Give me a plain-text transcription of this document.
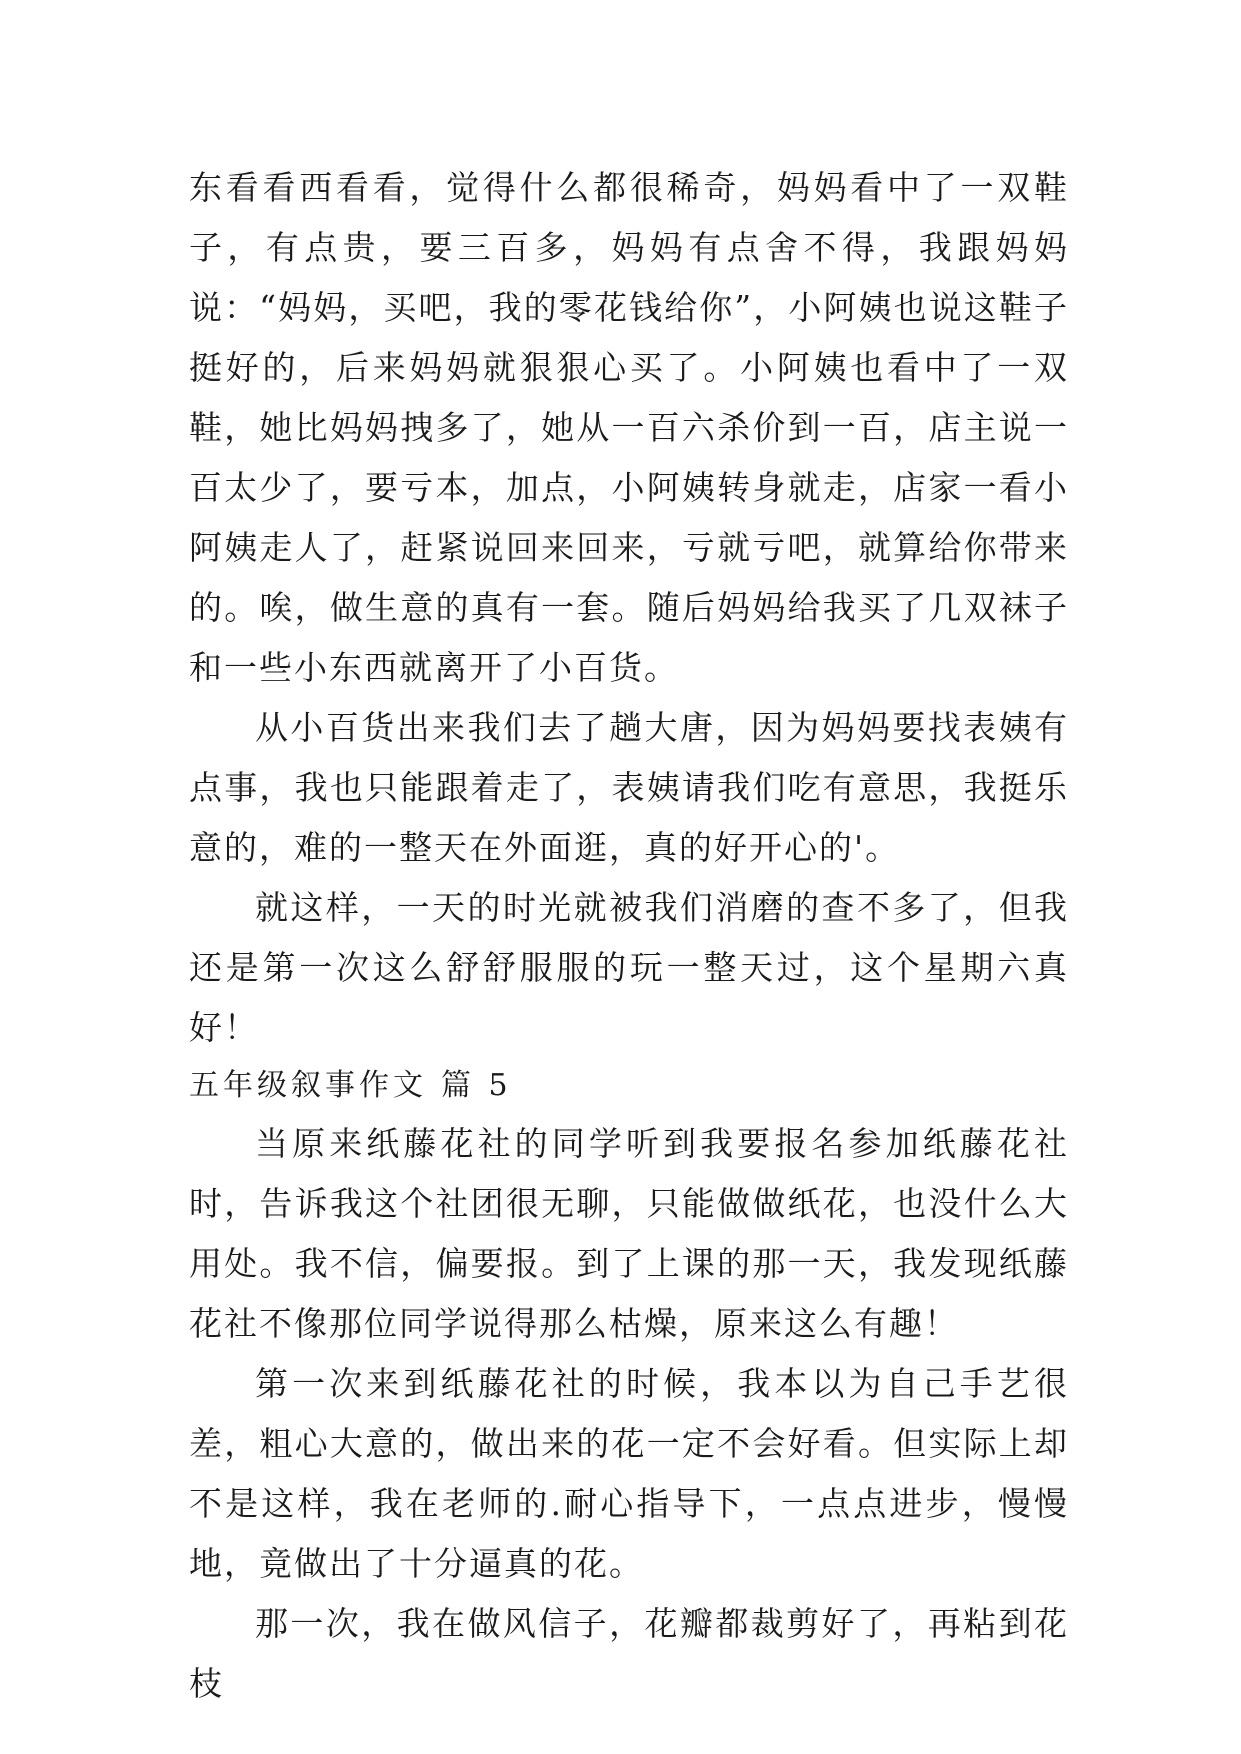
东看看西看看，觉得什么都很稀奇，妈妈看中了一双鞋子，有点贵，要三百多，妈妈有点舍不得，我跟妈妈说：“妈妈，买吧，我的零花钱给你”，小阿姨也说这鞋子挺好的，后来妈妈就狠狠心买了。小阿姨也看中了一双鞋，她比妈妈拽多了，她从一百六杀价到一百，店主说一百太少了，要亏本，加点，小阿姨转身就走，店家一看小阿姨走人了，赶紧说回来回来，亏就亏吧，就算给你带来的。唉，做生意的真有一套。随后妈妈给我买了几双袜子和一些小东西就离开了小百货。

从小百货出来我们去了趟大唐，因为妈妈要找表姨有点事，我也只能跟着走了，表姨请我们吃有意思，我挺乐意的，难的一整天在外面逛，真的好开心的'。

就这样，一天的时光就被我们消磨的查不多了，但我还是第一次这么舒舒服服的玩一整天过，这个星期六真好！

五年级叙事作文 篇 5

当原来纸藤花社的同学听到我要报名参加纸藤花社时，告诉我这个社团很无聊，只能做做纸花，也没什么大用处。我不信，偏要报。到了上课的那一天，我发现纸藤花社不像那位同学说得那么枯燥，原来这么有趣！

第一次来到纸藤花社的时候，我本以为自己手艺很差，粗心大意的，做出来的花一定不会好看。但实际上却不是这样，我在老师的.耐心指导下，一点点进步，慢慢地，竟做出了十分逼真的花。

那一次，我在做风信子，花瓣都裁剪好了，再粘到花枝
